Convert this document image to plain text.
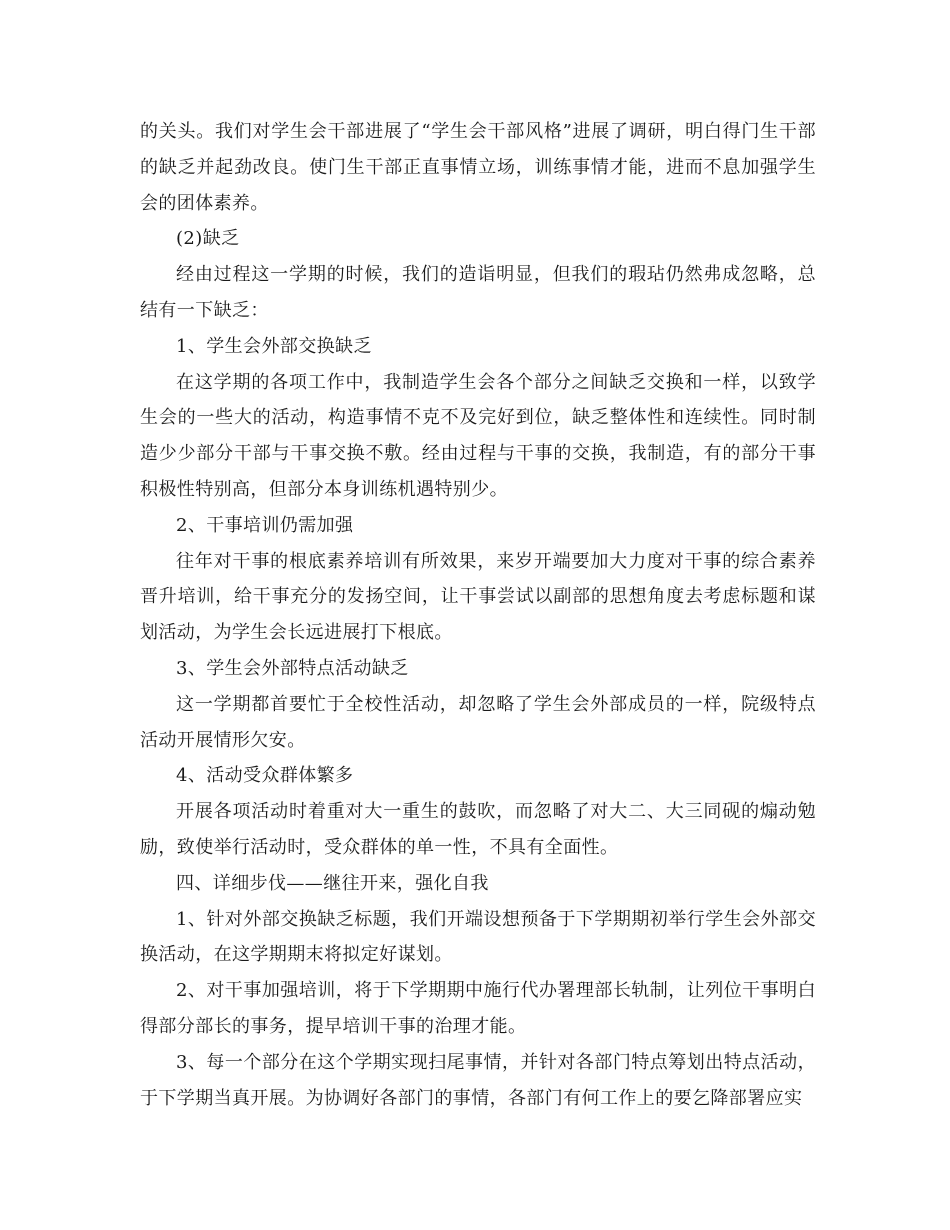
的关头。我们对学生会干部进展了“学生会干部风格”进展了调研，明白得门生干部的缺乏并起劲改良。使门生干部正直事情立场，训练事情才能，进而不息加强学生会的团体素养。

(2)缺乏

经由过程这一学期的时候，我们的造诣明显，但我们的瑕玷仍然弗成忽略，总结有一下缺乏：

1、学生会外部交换缺乏

在这学期的各项工作中，我制造学生会各个部分之间缺乏交换和一样，以致学生会的一些大的活动，构造事情不克不及完好到位，缺乏整体性和连续性。同时制造少少部分干部与干事交换不敷。经由过程与干事的交换，我制造，有的部分干事积极性特别高，但部分本身训练机遇特别少。

2、干事培训仍需加强

往年对干事的根底素养培训有所效果，来岁开端要加大力度对干事的综合素养晋升培训，给干事充分的发扬空间，让干事尝试以副部的思想角度去考虑标题和谋划活动，为学生会长远进展打下根底。

3、学生会外部特点活动缺乏

这一学期都首要忙于全校性活动，却忽略了学生会外部成员的一样，院级特点活动开展情形欠安。

4、活动受众群体繁多

开展各项活动时着重对大一重生的鼓吹，而忽略了对大二、大三同砚的煽动勉励，致使举行活动时，受众群体的单一性，不具有全面性。

四、详细步伐——继往开来，强化自我

1、针对外部交换缺乏标题，我们开端设想预备于下学期期初举行学生会外部交换活动，在这学期期末将拟定好谋划。

2、对干事加强培训，将于下学期期中施行代办署理部长轨制，让列位干事明白得部分部长的事务，提早培训干事的治理才能。

3、每一个部分在这个学期实现扫尾事情，并针对各部门特点筹划出特点活动，于下学期当真开展。为协调好各部门的事情，各部门有何工作上的要乞降部署应实
